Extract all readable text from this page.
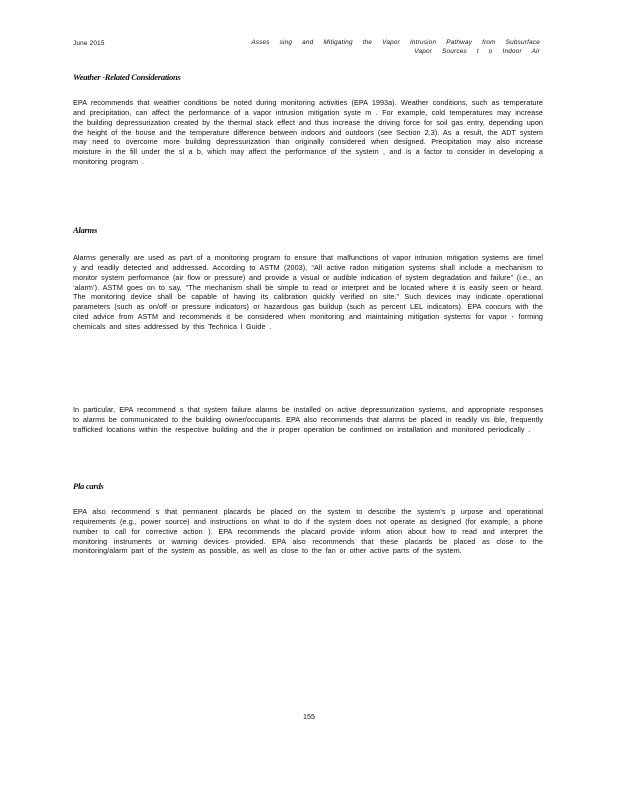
June 2015	Asses sing and Mitigating the Vapor Intrusion Pathway from Subsurface Vapor Sources t o Indoor Air
Weather -Related Considerations
EPA recommends that weather conditions be noted during monitoring activities (EPA 1993a). Weather conditions, such as temperature and precipitation, can affect the performance of a vapor intrusion mitigation syste m . For example, cold temperatures may increase the building depressurization created by the thermal stack effect and thus increase the driving force for soil gas entry, depending upon the height of the house and the temperature difference between indoors and outdoors (see Section 2.3). As a result, the ADT system may need to overcome more building depressurization than originally considered when designed. Precipitation may also increase moisture in the fill under the sl a b, which may affect the performance of the system , and is a factor to consider in developing a monitoring program .
Alarms
Alarms generally are used as part of a monitoring program to ensure that malfunctions of vapor intrusion mitigation systems are timel y and readily detected and addressed. According to ASTM (2003), “All active radon mitigation systems shall include a mechanism to monitor system performance (air flow or pressure) and provide a visual or audible indication of system degradation and failure” (i.e., an ‘alarm’). ASTM goes on to say, “The mechanism shall be simple to read or interpret and be located where it is easily seen or heard. The monitoring device shall be capable of having its calibration quickly verified on site.” Such devices may indicate operational parameters (such as on/off or pressure indicators) or hazardous gas buildup (such as percent LEL indicators). EPA concurs with the cited advice from ASTM and recommends it be considered when monitoring and maintaining mitigation systems for vapor - forming chemicals and sites addressed by this Technica l Guide .
In particular, EPA recommend s that system failure alarms be installed on active depressurization systems, and appropriate responses to alarms be communicated to the building owner/occupants. EPA also recommends that alarms be placed in readily vis ible, frequently trafficked locations within the respective building and the ir proper operation be confirmed on installation and monitored periodically .
Pla cards
EPA also recommend s that permanent placards be placed on the system to describe the system’s p urpose and operational requirements (e.g., power source) and instructions on what to do if the system does not operate as designed (for example, a phone number to call for corrective action ). EPA recommends the placard provide inform ation about how to read and interpret the monitoring instruments or warning devices provided. EPA also recommends that these placards be placed as close to the monitoring/alarm part of the system as possible, as well as close to the fan or other active parts of the system.
155
